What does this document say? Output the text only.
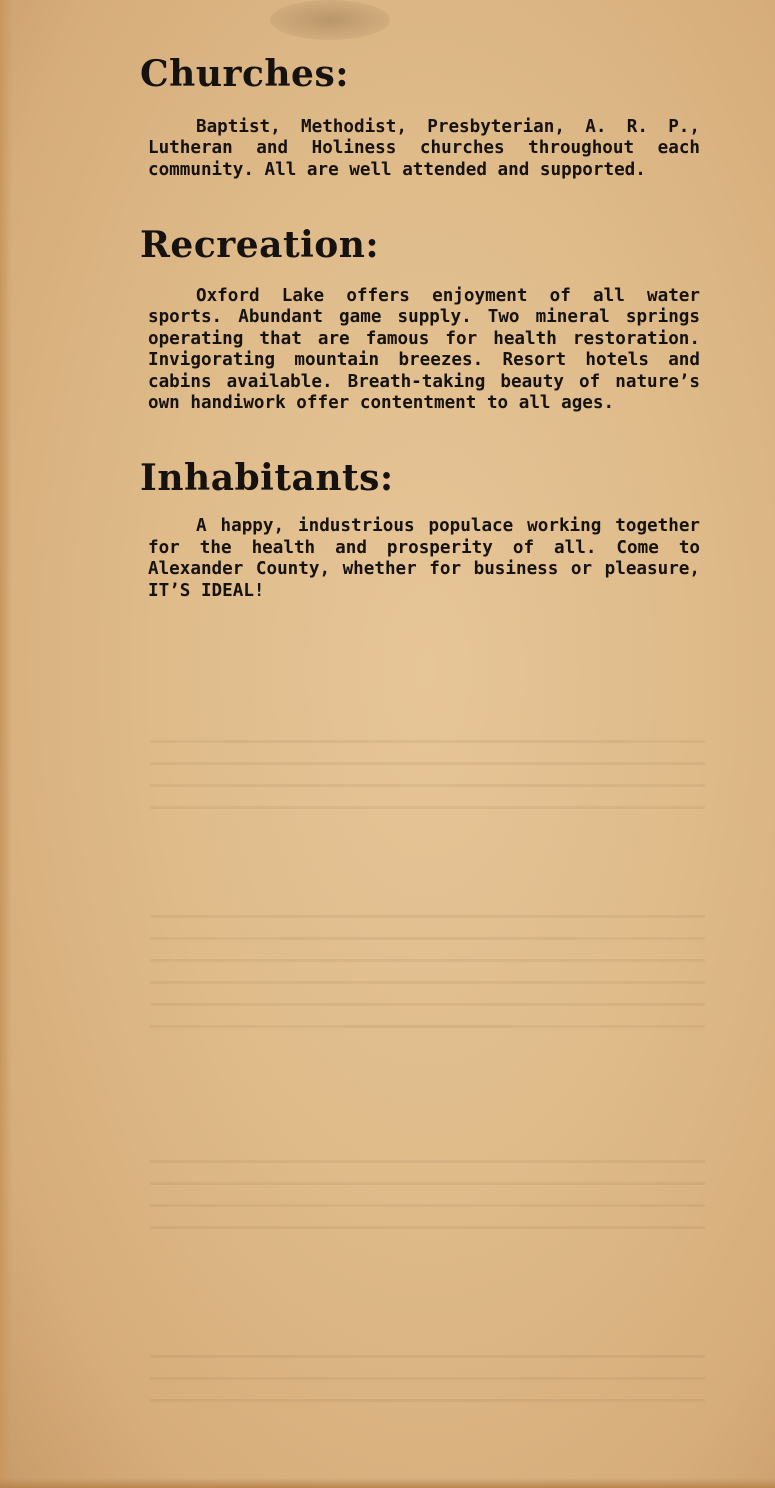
Churches:

Baptist, Methodist, Presbyterian, A. R. P., Lutheran and Holiness churches throughout each community. All are well attended and supported.

Recreation:

Oxford Lake offers enjoyment of all water sports. Abundant game supply. Two mineral springs operating that are famous for health restoration. Invigorating mountain breezes. Resort hotels and cabins available. Breath-taking beauty of nature’s own handiwork offer contentment to all ages.

Inhabitants:

A happy, industrious populace working together for the health and prosperity of all. Come to Alexander County, whether for business or pleasure, IT’S IDEAL!
